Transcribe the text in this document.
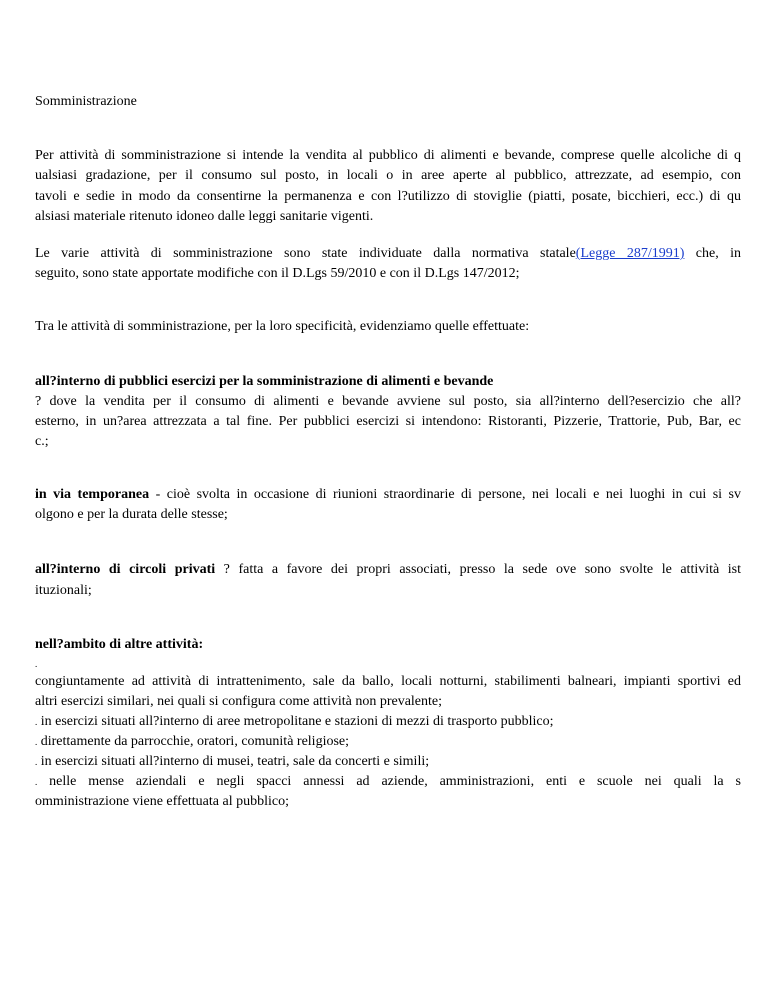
Somministrazione
Per attività di somministrazione si intende la vendita al pubblico di alimenti e bevande, comprese quelle alcoliche di q
ualsiasi gradazione, per il consumo sul posto, in locali o in aree aperte al pubblico, attrezzate, ad esempio, con
tavoli e sedie in modo da consentirne la permanenza e con l?utilizzo di stoviglie (piatti, posate, bicchieri, ecc.) di qu
alsiasi materiale ritenuto idoneo dalle leggi sanitarie vigenti.
Le varie attività di somministrazione sono state individuate dalla normativa statale(Legge 287/1991) che, in
seguito, sono state apportate modifiche con il D.Lgs 59/2010 e con il D.Lgs 147/2012;
Tra le attività di somministrazione, per la loro specificità, evidenziamo quelle effettuate:
all?interno di pubblici esercizi per la somministrazione di alimenti e bevande
? dove la vendita per il consumo di alimenti e bevande avviene sul posto, sia all?interno dell?esercizio che all?
esterno, in un?area attrezzata a tal fine. Per pubblici esercizi si intendono: Ristoranti, Pizzerie, Trattorie, Pub, Bar, ec
c.;
in via temporanea - cioè svolta in occasione di riunioni straordinarie di persone, nei locali e nei luoghi in cui si sv
olgono e per la durata delle stesse;
all?interno di circoli privati ? fatta a favore dei propri associati, presso la sede ove sono svolte le attività ist
ituzionali;
nell?ambito di altre attività:
.
congiuntamente ad attività di intrattenimento, sale da ballo, locali notturni, stabilimenti balneari, impianti sportivi ed
altri esercizi similari, nei quali si configura come attività non prevalente;
. in esercizi situati all?interno di aree metropolitane e stazioni di mezzi di trasporto pubblico;
. direttamente da parrocchie, oratori, comunità religiose;
. in esercizi situati all?interno di musei, teatri, sale da concerti e simili;
. nelle mense aziendali e negli spacci annessi ad aziende, amministrazioni, enti e scuole nei quali la s
omministrazione viene effettuata al pubblico;
